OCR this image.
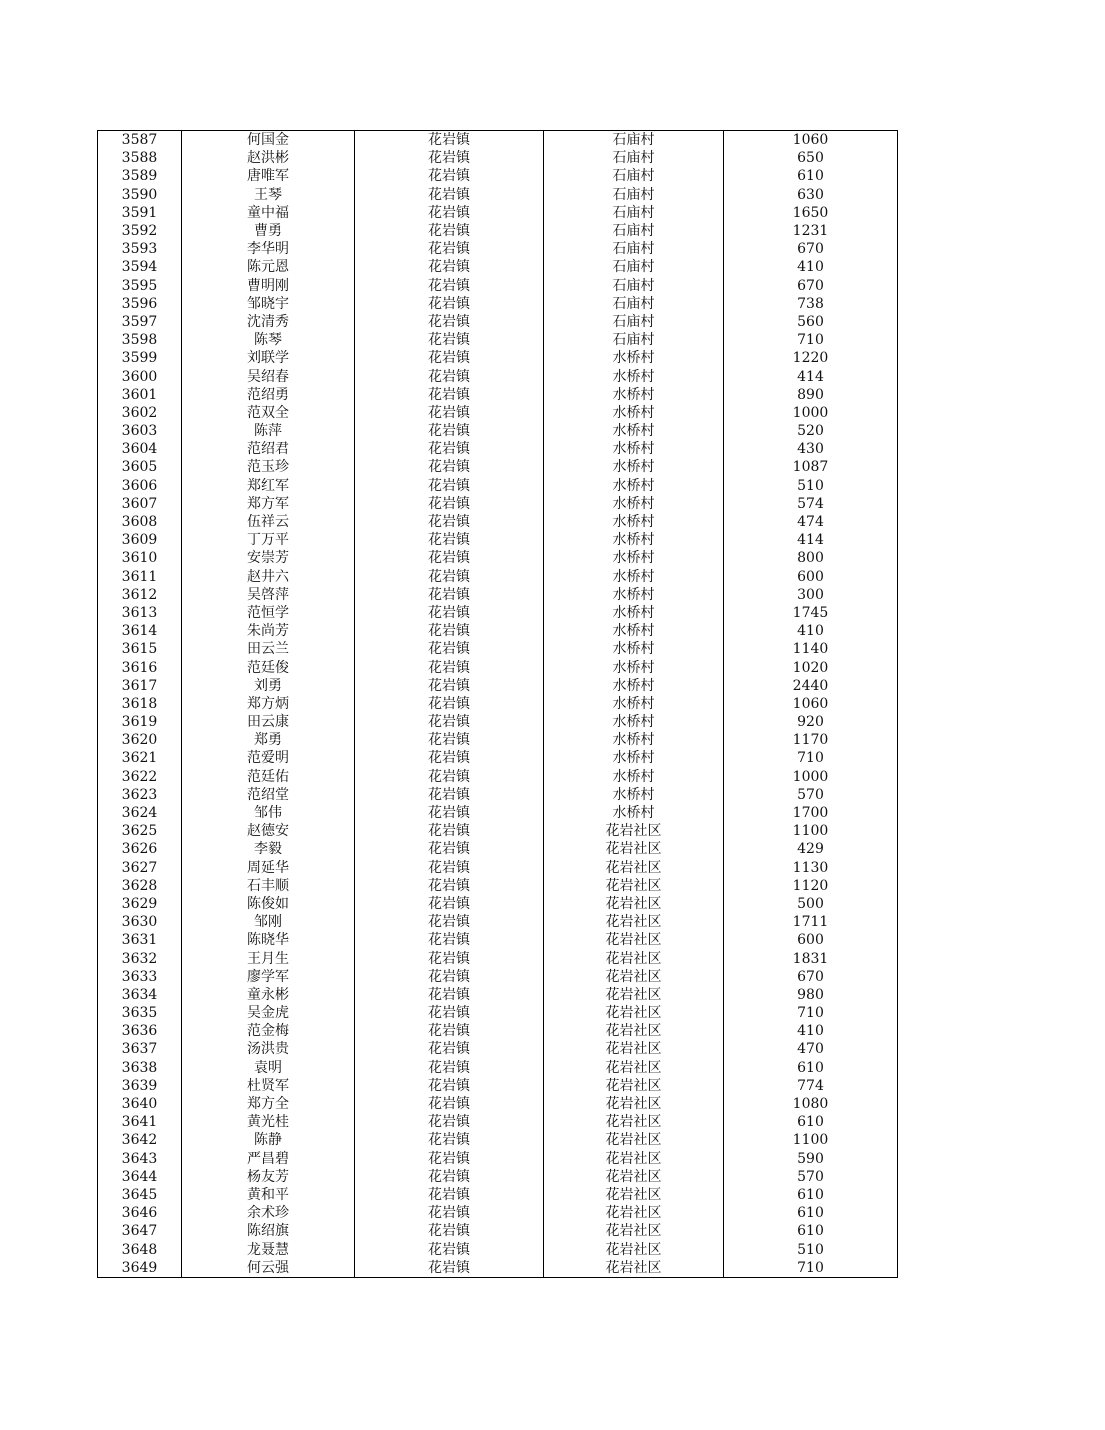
3587	何国金	花岩镇	石庙村	1060
3588	赵洪彬	花岩镇	石庙村	650
3589	唐唯军	花岩镇	石庙村	610
3590	王琴	花岩镇	石庙村	630
3591	童中福	花岩镇	石庙村	1650
3592	曹勇	花岩镇	石庙村	1231
3593	李华明	花岩镇	石庙村	670
3594	陈元恩	花岩镇	石庙村	410
3595	曹明刚	花岩镇	石庙村	670
3596	邹晓宇	花岩镇	石庙村	738
3597	沈清秀	花岩镇	石庙村	560
3598	陈琴	花岩镇	石庙村	710
3599	刘联学	花岩镇	水桥村	1220
3600	吴绍春	花岩镇	水桥村	414
3601	范绍勇	花岩镇	水桥村	890
3602	范双全	花岩镇	水桥村	1000
3603	陈萍	花岩镇	水桥村	520
3604	范绍君	花岩镇	水桥村	430
3605	范玉珍	花岩镇	水桥村	1087
3606	郑红军	花岩镇	水桥村	510
3607	郑方军	花岩镇	水桥村	574
3608	伍祥云	花岩镇	水桥村	474
3609	丁万平	花岩镇	水桥村	414
3610	安崇芳	花岩镇	水桥村	800
3611	赵井六	花岩镇	水桥村	600
3612	吴啓萍	花岩镇	水桥村	300
3613	范恒学	花岩镇	水桥村	1745
3614	朱尚芳	花岩镇	水桥村	410
3615	田云兰	花岩镇	水桥村	1140
3616	范廷俊	花岩镇	水桥村	1020
3617	刘勇	花岩镇	水桥村	2440
3618	郑方炳	花岩镇	水桥村	1060
3619	田云康	花岩镇	水桥村	920
3620	郑勇	花岩镇	水桥村	1170
3621	范爱明	花岩镇	水桥村	710
3622	范廷佑	花岩镇	水桥村	1000
3623	范绍堂	花岩镇	水桥村	570
3624	邹伟	花岩镇	水桥村	1700
3625	赵德安	花岩镇	花岩社区	1100
3626	李毅	花岩镇	花岩社区	429
3627	周延华	花岩镇	花岩社区	1130
3628	石丰顺	花岩镇	花岩社区	1120
3629	陈俊如	花岩镇	花岩社区	500
3630	邹刚	花岩镇	花岩社区	1711
3631	陈晓华	花岩镇	花岩社区	600
3632	王月生	花岩镇	花岩社区	1831
3633	廖学军	花岩镇	花岩社区	670
3634	童永彬	花岩镇	花岩社区	980
3635	吴金虎	花岩镇	花岩社区	710
3636	范金梅	花岩镇	花岩社区	410
3637	汤洪贵	花岩镇	花岩社区	470
3638	袁明	花岩镇	花岩社区	610
3639	杜贤军	花岩镇	花岩社区	774
3640	郑方全	花岩镇	花岩社区	1080
3641	黄光桂	花岩镇	花岩社区	610
3642	陈静	花岩镇	花岩社区	1100
3643	严昌碧	花岩镇	花岩社区	590
3644	杨友芳	花岩镇	花岩社区	570
3645	黄和平	花岩镇	花岩社区	610
3646	余术珍	花岩镇	花岩社区	610
3647	陈绍旗	花岩镇	花岩社区	610
3648	龙聂慧	花岩镇	花岩社区	510
3649	何云强	花岩镇	花岩社区	710
